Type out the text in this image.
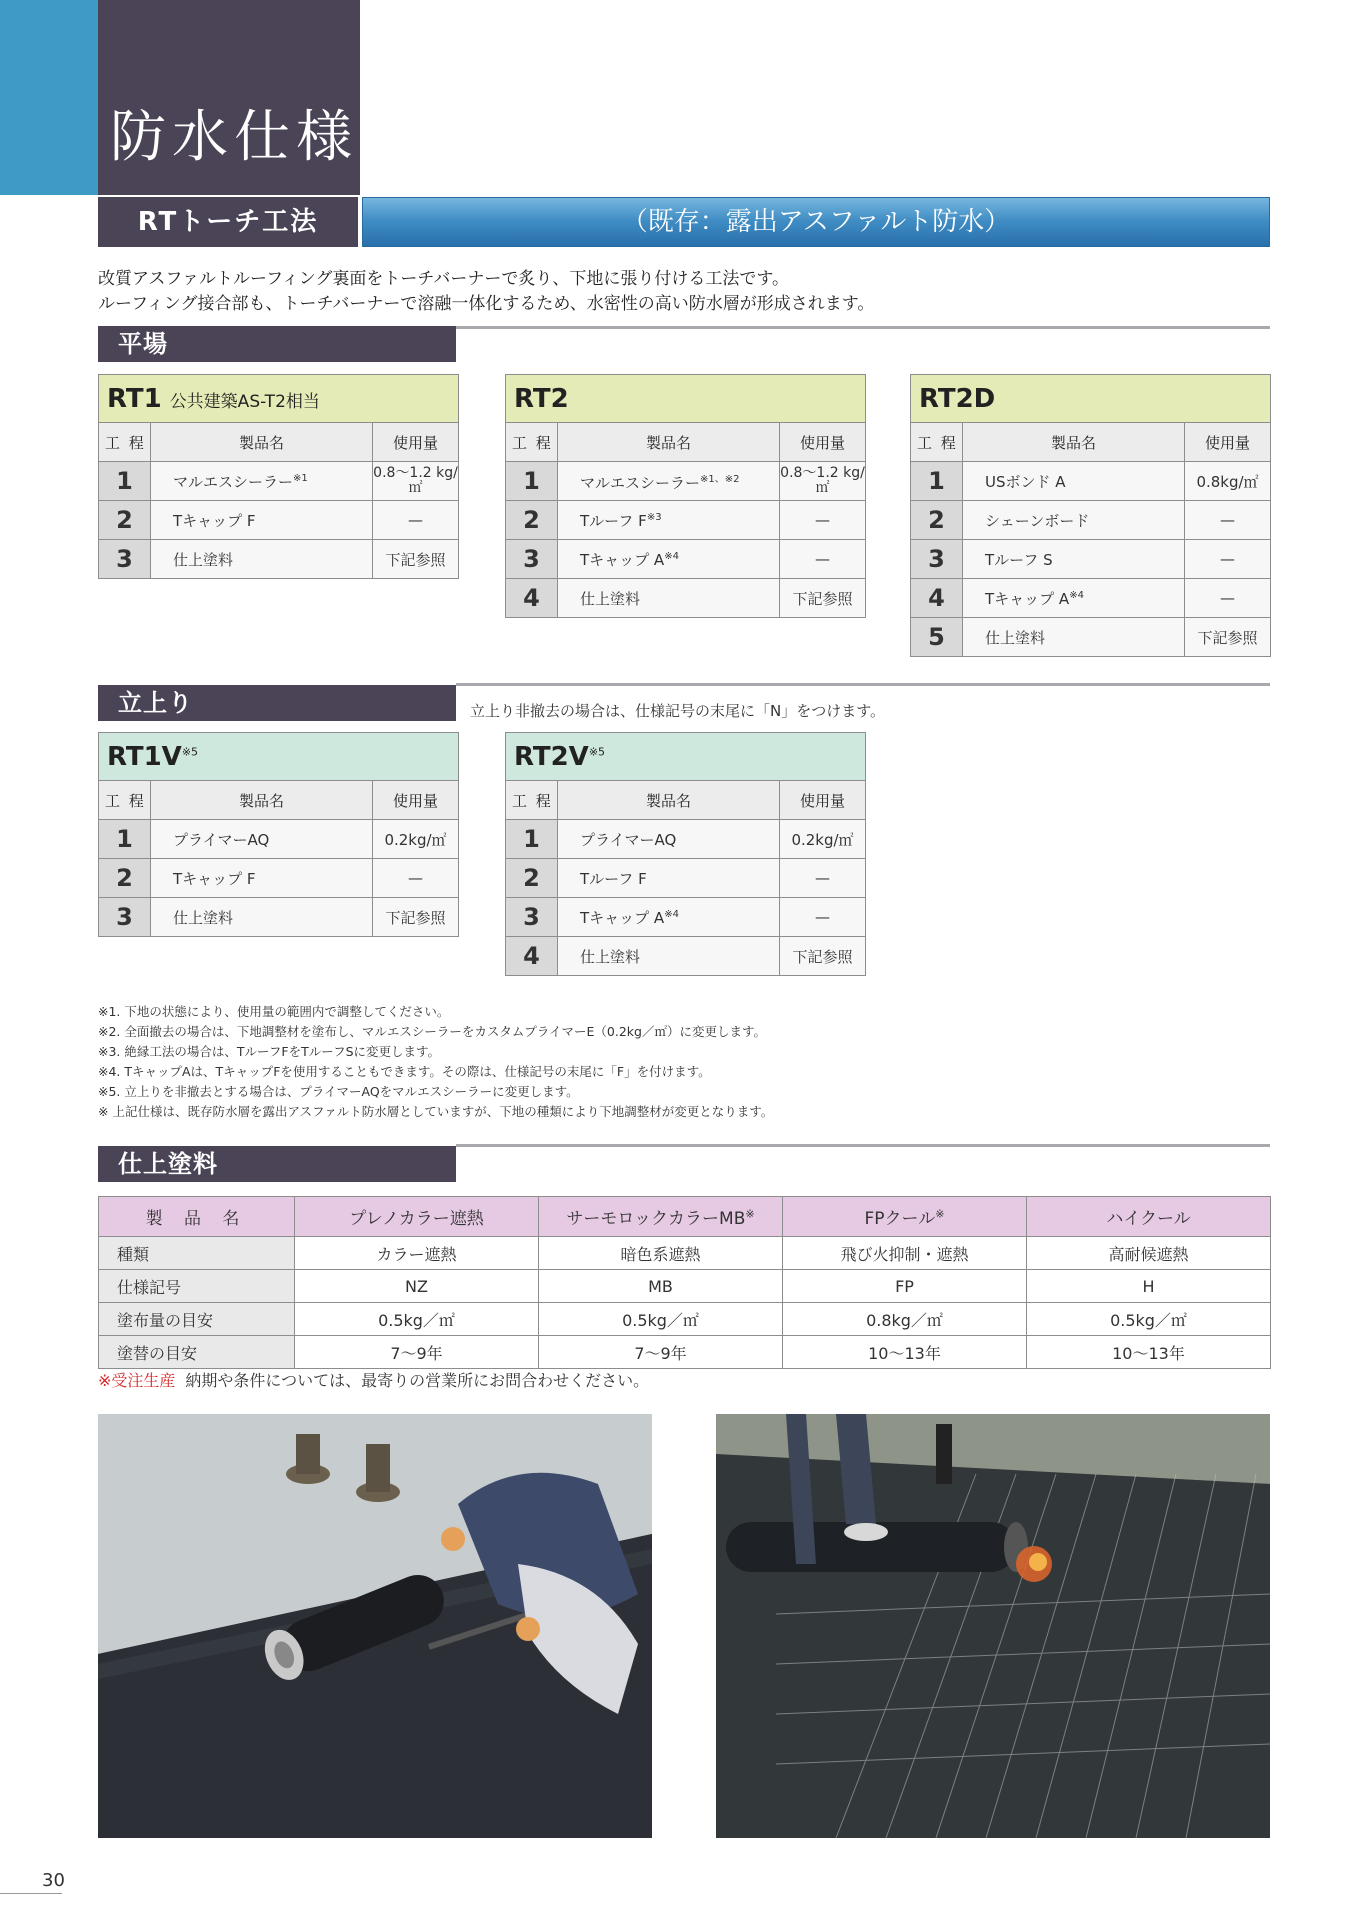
防水仕様
RTトーチ工法	（既存：露出アスファルト防水）

改質アスファルトルーフィング裏面をトーチバーナーで炙り、下地に張り付ける工法です。

ルーフィング接合部も、トーチバーナーで溶融一体化するため、水密性の高い防水層が形成されます。

平場
RT1 公共建築AS-T2相当		
工 程	製品名	使用量
1	マルエスシーラー$^{※1}$	0.8〜1.2 kg/㎡
2	Tキャップ F	—
3	仕上塗料	下記参照
RT2		
工 程	製品名	使用量
1	マルエスシーラー$^{※1、※2}$	0.8〜1.2 kg/㎡
2	Tルーフ $F^{※3}$	—
3	Tキャップ $A^{※4}$	—
4	仕上塗料	下記参照
RT2D		
工 程	製品名	使用量
1	USボンド A	0.8kg/㎡
2	シェーンボード	—
3	Tルーフ S	—
4	Tキャップ $A^{※4}$	—
5	仕上塗料	下記参照
立上り	立上り非撤去の場合は、仕様記号の末尾に「N」をつけます。

$RT1V^{※5}$
工 程	製品名	使用量
1	プライマーAQ	0.2kg/㎡
2	Tキャップ F	—
3	仕上塗料	下記参照
$RT2V^{※5}$
工 程	製品名	使用量
1	プライマーAQ	0.2kg/㎡
2	Tルーフ F	—
3	Tキャップ $A^{※4}$	—
4	仕上塗料	下記参照

※1. 下地の状態により、使用量の範囲内で調整してください。

※2. 全面撤去の場合は、下地調整材を塗布し、マルエスシーラーをカスタムプライマーE（0.2kg／㎡）に変更します。

※3. 絶縁工法の場合は、TルーフFをTルーフSに変更します。

※4. TキャップAは、TキャップFを使用することもできます。その際は、仕様記号の末尾に「F」を付けます。

※5. 立上りを非撤去とする場合は、プライマーAQをマルエスシーラーに変更します。

※ 上記仕様は、既存防水層を露出アスファルト防水層としていますが、下地の種類により下地調整材が変更となります。

仕上塗料
製 品 名	プレノカラー遮熱	サーモロックカラーMB※	FPクール※	ハイクール
種類	カラー遮熱	暗色系遮熱	飛び火抑制・遮熱	高耐候遮熱
仕様記号	NZ	MB	FP	H
塗布量の目安	0.5kg／㎡	0.5kg／㎡	0.8kg／㎡	0.5kg／㎡
塗替の目安	7〜9年	7〜9年	10〜13年	10〜13年

※受注生産 納期や条件については、最寄りの営業所にお問合わせください。

30
